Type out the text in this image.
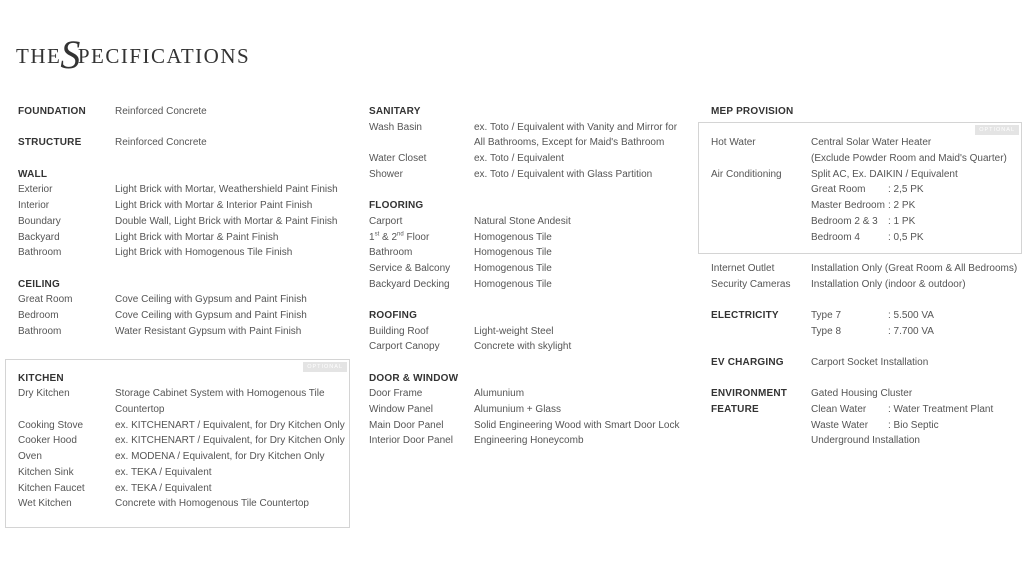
THESPECIFICATIONS
OPTIONAL
OPTIONAL
FOUNDATION	Reinforced Concrete
STRUCTURE	Reinforced Concrete
WALL
Exterior	Light Brick with Mortar, Weathershield Paint Finish
Interior	Light Brick with Mortar & Interior Paint Finish
Boundary	Double Wall, Light Brick with Mortar & Paint Finish
Backyard	Light Brick with Mortar & Paint Finish
Bathroom	Light Brick with Homogenous Tile Finish
CEILING
Great Room	Cove Ceiling with Gypsum and Paint Finish
Bedroom	Cove Ceiling with Gypsum and Paint Finish
Bathroom	Water Resistant Gypsum with Paint Finish
KITCHEN
Dry Kitchen	Storage Cabinet System with Homogenous Tile
Countertop
Cooking Stove	ex. KITCHENART / Equivalent, for Dry Kitchen Only
Cooker Hood	ex. KITCHENART / Equivalent, for Dry Kitchen Only
Oven	ex. MODENA / Equivalent, for Dry Kitchen Only
Kitchen Sink	ex. TEKA / Equivalent
Kitchen Faucet	ex. TEKA / Equivalent
Wet Kitchen	Concrete with Homogenous Tile Countertop
SANITARY
Wash Basin	ex. Toto / Equivalent with Vanity and Mirror for
All Bathrooms, Except for Maid's Bathroom
Water Closet	ex. Toto / Equivalent
Shower	ex. Toto / Equivalent with Glass Partition
FLOORING
Carport	Natural Stone Andesit
1st & 2nd Floor	Homogenous Tile
Bathroom	Homogenous Tile
Service & Balcony	Homogenous Tile
Backyard Decking	Homogenous Tile
ROOFING
Building Roof	Light-weight Steel
Carport Canopy	Concrete with skylight
DOOR & WINDOW
Door Frame	Alumunium
Window Panel	Alumunium + Glass
Main Door Panel	Solid Engineering Wood with Smart Door Lock
Interior Door Panel	Engineering Honeycomb
MEP PROVISION
Hot Water	Central Solar Water Heater
(Exclude Powder Room and Maid's Quarter)
Air Conditioning	Split AC, Ex. DAIKIN / Equivalent
Great Room : 2,5 PK
Master Bedroom : 2 PK
Bedroom 2 & 3 : 1 PK
Bedroom 4	: 0,5 PK
Internet Outlet	Installation Only (Great Room & All Bedrooms)
Security Cameras	Installation Only (indoor & outdoor)
ELECTRICITY	Type 7	: 5.500 VA
Type 8	: 7.700 VA
EV CHARGING	Carport Socket Installation
ENVIRONMENT	Gated Housing Cluster
FEATURE	Clean Water : Water Treatment Plant
Waste Water : Bio Septic
Underground Installation
